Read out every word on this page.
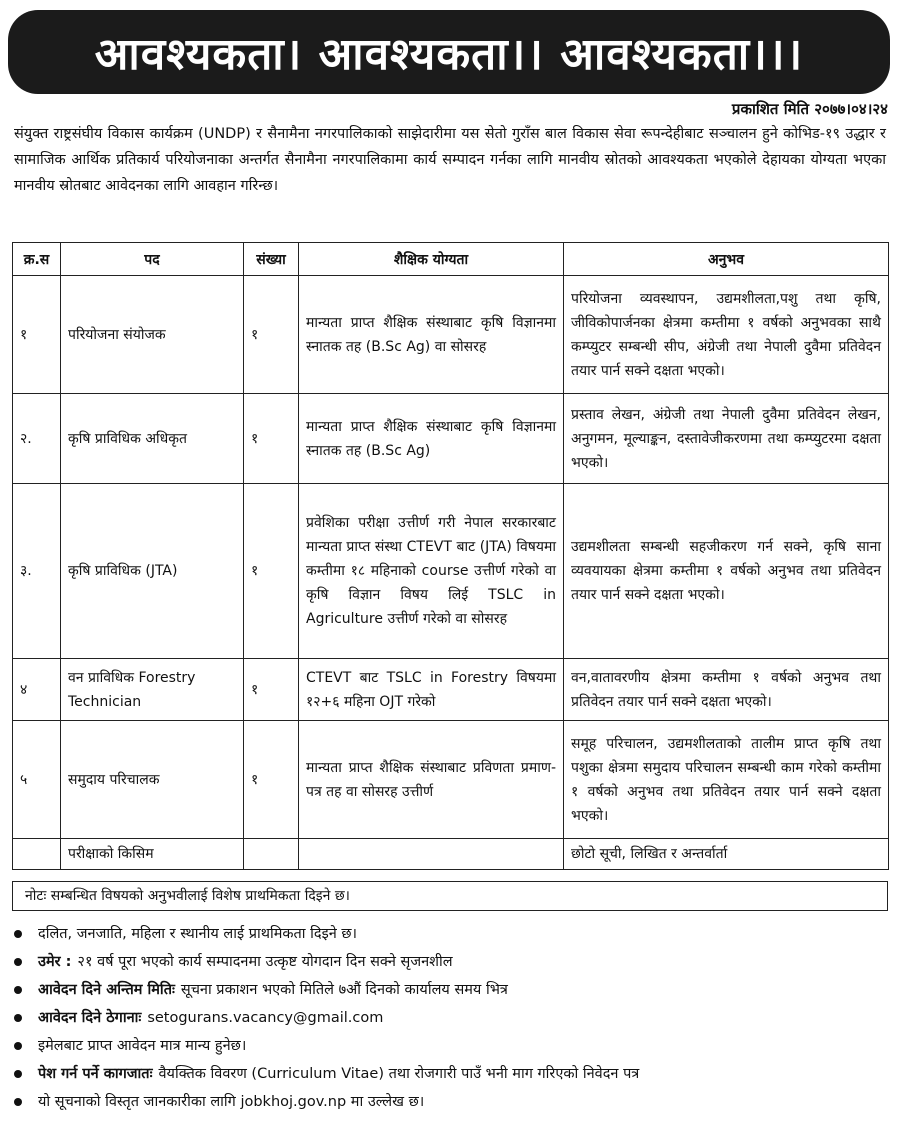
आवश्यकता। आवश्यकता।। आवश्यकता।।।
प्रकाशित मिति २०७७।०४।२४
संयुक्त राष्ट्रसंघीय विकास कार्यक्रम (UNDP) र सैनामैना नगरपालिकाको साझेदारीमा यस सेतो गुराँस बाल विकास सेवा रूपन्देहीबाट सञ्चालन हुने कोभिड-१९ उद्धार र सामाजिक आर्थिक प्रतिकार्य परियोजनाका अन्तर्गत सैनामैना नगरपालिकामा कार्य सम्पादन गर्नका लागि मानवीय स्रोतको आवश्यकता भएकोले देहायका योग्यता भएका मानवीय स्रोतबाट आवेदनका लागि आवहान गरिन्छ।
क्र.स	पद	संख्या	शैक्षिक योग्यता	अनुभव
१	परियोजना संयोजक	१	मान्यता प्राप्त शैक्षिक संस्थाबाट कृषि विज्ञानमा स्नातक तह (B.Sc Ag) वा सोसरह	परियोजना व्यवस्थापन, उद्यमशीलता,पशु तथा कृषि, जीविकोपार्जनका क्षेत्रमा कम्तीमा १ वर्षको अनुभवका साथै कम्प्युटर सम्बन्धी सीप, अंग्रेजी तथा नेपाली दुवैमा प्रतिवेदन तयार पार्न सक्ने दक्षता भएको।
२.	कृषि प्राविधिक अधिकृत	१	मान्यता प्राप्त शैक्षिक संस्थाबाट कृषि विज्ञानमा स्नातक तह (B.Sc Ag)	प्रस्ताव लेखन, अंग्रेजी तथा नेपाली दुवैमा प्रतिवेदन लेखन, अनुगमन, मूल्याङ्कन, दस्तावेजीकरणमा तथा कम्प्युटरमा दक्षता भएको।
३.	कृषि प्राविधिक (JTA)	१	प्रवेशिका परीक्षा उत्तीर्ण गरी नेपाल सरकारबाट मान्यता प्राप्त संस्था CTEVT बाट (JTA) विषयमा कम्तीमा १८ महिनाको course उत्तीर्ण गरेको वा कृषि विज्ञान विषय लिई TSLC in Agriculture उत्तीर्ण गरेको वा सोसरह	उद्यमशीलता सम्बन्धी सहजीकरण गर्न सक्ने, कृषि साना व्यवयायका क्षेत्रमा कम्तीमा १ वर्षको अनुभव तथा प्रतिवेदन तयार पार्न सक्ने दक्षता भएको।
४	वन प्राविधिक Forestry Technician	१	CTEVT बाट TSLC in Forestry विषयमा १२+६ महिना OJT गरेको	वन,वातावरणीय क्षेत्रमा कम्तीमा १ वर्षको अनुभव तथा प्रतिवेदन तयार पार्न सक्ने दक्षता भएको।
५	समुदाय परिचालक	१	मान्यता प्राप्त शैक्षिक संस्थाबाट प्रविणता प्रमाण-पत्र तह वा सोसरह उत्तीर्ण	समूह परिचालन, उद्यमशीलताको तालीम प्राप्त कृषि तथा पशुका क्षेत्रमा समुदाय परिचालन सम्बन्धी काम गरेको कम्तीमा १ वर्षको अनुभव तथा प्रतिवेदन तयार पार्न सक्ने दक्षता भएको।
	परीक्षाको किसिम			छोटो सूची, लिखित र अन्तर्वार्ता
नोटः सम्बन्धित विषयको अनुभवीलाई विशेष प्राथमिकता दिइने छ।
दलित, जनजाति, महिला र स्थानीय लाई प्राथमिकता दिइने छ।
उमेर : २१ वर्ष पूरा भएको कार्य सम्पादनमा उत्कृष्ट योगदान दिन सक्ने सृजनशील
आवेदन दिने अन्तिम मितिः सूचना प्रकाशन भएको मितिले ७औं दिनको कार्यालय समय भित्र
आवेदन दिने ठेगानाः setogurans.vacancy@gmail.com
इमेलबाट प्राप्त आवेदन मात्र मान्य हुनेछ।
पेश गर्न पर्ने कागजातः वैयक्तिक विवरण (Curriculum Vitae) तथा रोजगारी पाउँ भनी माग गरिएको निवेदन पत्र
यो सूचनाको विस्तृत जानकारीका लागि jobkhoj.gov.np मा उल्लेख छ।
